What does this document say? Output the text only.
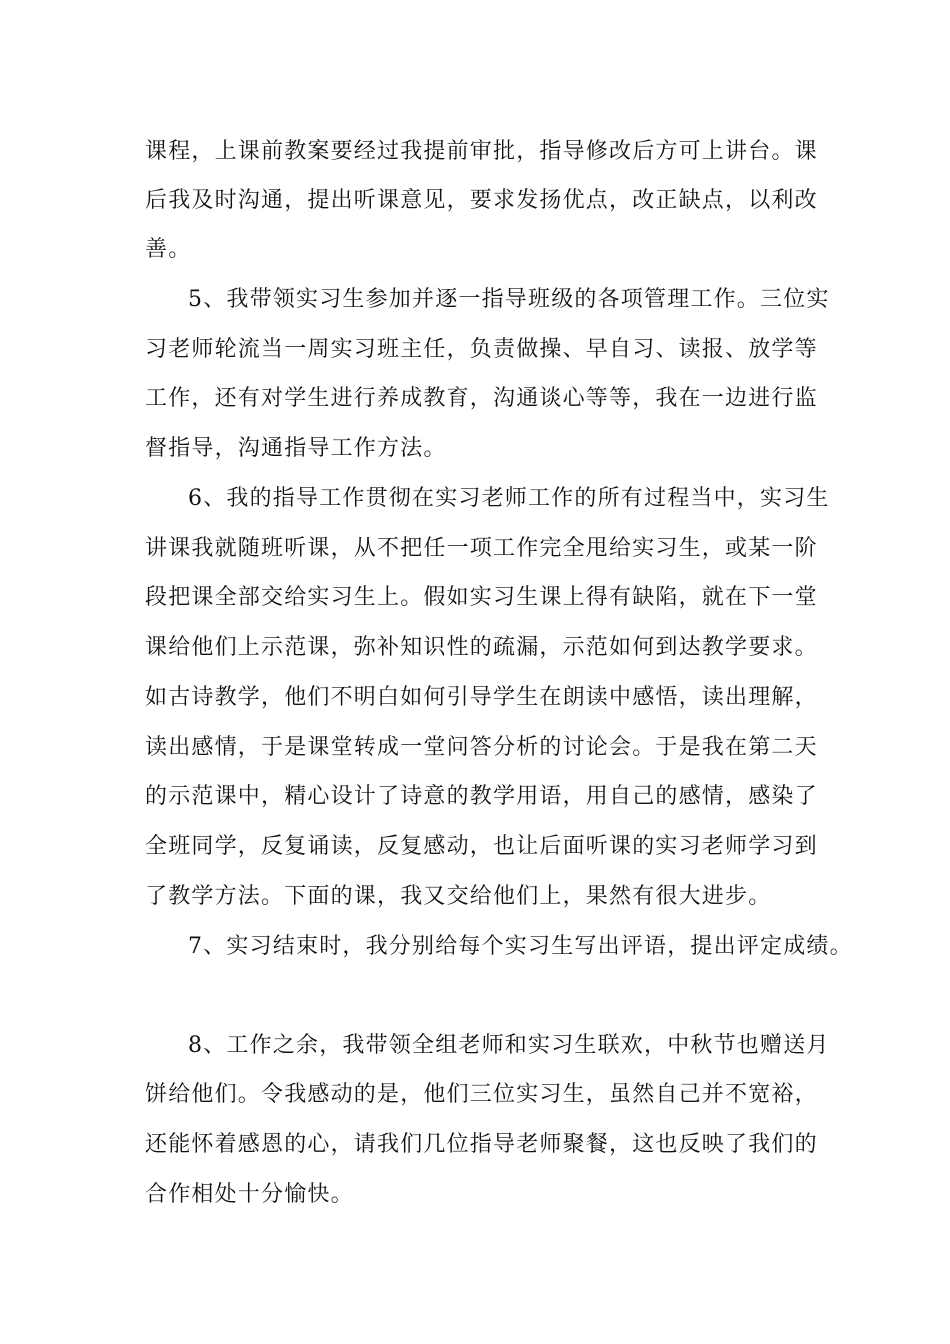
课程，上课前教案要经过我提前审批，指导修改后方可上讲台。课
后我及时沟通，提出听课意见，要求发扬优点，改正缺点，以利改
善。
5、我带领实习生参加并逐一指导班级的各项管理工作。三位实
习老师轮流当一周实习班主任，负责做操、早自习、读报、放学等
工作，还有对学生进行养成教育，沟通谈心等等，我在一边进行监
督指导，沟通指导工作方法。
6、我的指导工作贯彻在实习老师工作的所有过程当中，实习生
讲课我就随班听课，从不把任一项工作完全甩给实习生，或某一阶
段把课全部交给实习生上。假如实习生课上得有缺陷，就在下一堂
课给他们上示范课，弥补知识性的疏漏，示范如何到达教学要求。
如古诗教学，他们不明白如何引导学生在朗读中感悟，读出理解，
读出感情，于是课堂转成一堂问答分析的讨论会。于是我在第二天
的示范课中，精心设计了诗意的教学用语，用自己的感情，感染了
全班同学，反复诵读，反复感动，也让后面听课的实习老师学习到
了教学方法。下面的课，我又交给他们上，果然有很大进步。
7、实习结束时，我分别给每个实习生写出评语，提出评定成绩。
8、工作之余，我带领全组老师和实习生联欢，中秋节也赠送月
饼给他们。令我感动的是，他们三位实习生，虽然自己并不宽裕，
还能怀着感恩的心，请我们几位指导老师聚餐，这也反映了我们的
合作相处十分愉快。
